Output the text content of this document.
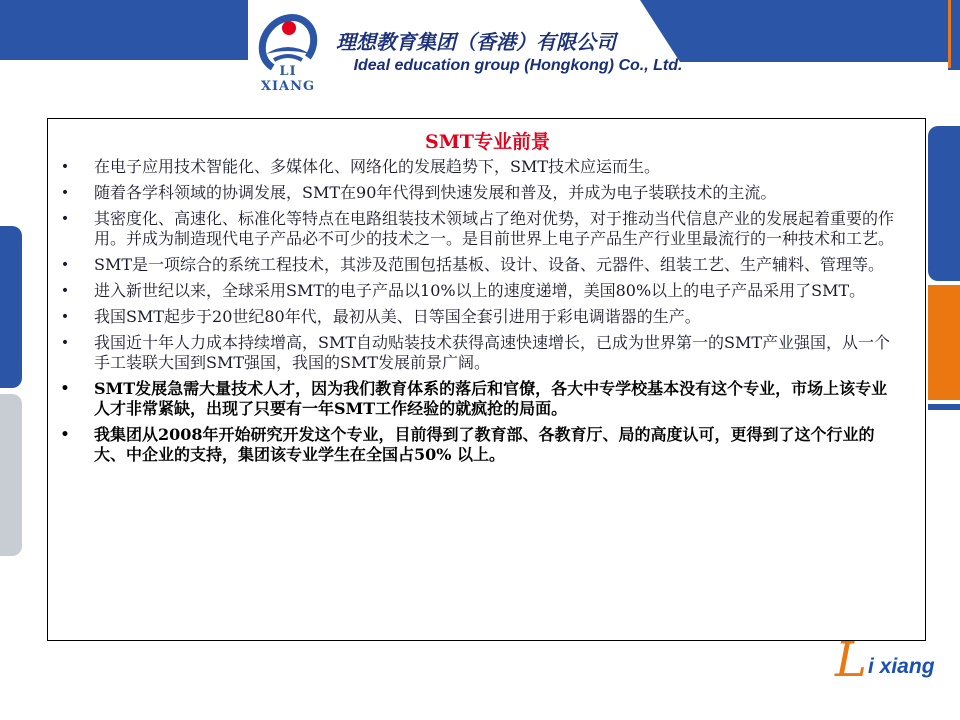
LI XIANG
理想教育集团（香港）有限公司
Ideal education group (Hongkong) Co., Ltd.
SMT专业前景
• 在电子应用技术智能化、多媒体化、网络化的发展趋势下，SMT技术应运而生。
• 随着各学科领域的协调发展，SMT在90年代得到快速发展和普及，并成为电子装联技术的主流。
• 其密度化、高速化、标准化等特点在电路组装技术领域占了绝对优势，对于推动当代信息产业的发展起着重要的作用。并成为制造现代电子产品必不可少的技术之一。是目前世界上电子产品生产行业里最流行的一种技术和工艺。
• SMT是一项综合的系统工程技术，其涉及范围包括基板、设计、设备、元器件、组装工艺、生产辅料、管理等。
• 进入新世纪以来，全球采用SMT的电子产品以10%以上的速度递增，美国80%以上的电子产品采用了SMT。
• 我国SMT起步于20世纪80年代，最初从美、日等国全套引进用于彩电调谐器的生产。
• 我国近十年人力成本持续增高，SMT自动贴装技术获得高速快速增长，已成为世界第一的SMT产业强国，从一个手工装联大国到SMT强国，我国的SMT发展前景广阔。
• SMT发展急需大量技术人才，因为我们教育体系的落后和官僚，各大中专学校基本没有这个专业，市场上该专业人才非常紧缺，出现了只要有一年SMT工作经验的就疯抢的局面。
• 我集团从2008年开始研究开发这个专业，目前得到了教育部、各教育厅、局的高度认可，更得到了这个行业的大、中企业的支持，集团该专业学生在全国占50% 以上。
L i xiang
